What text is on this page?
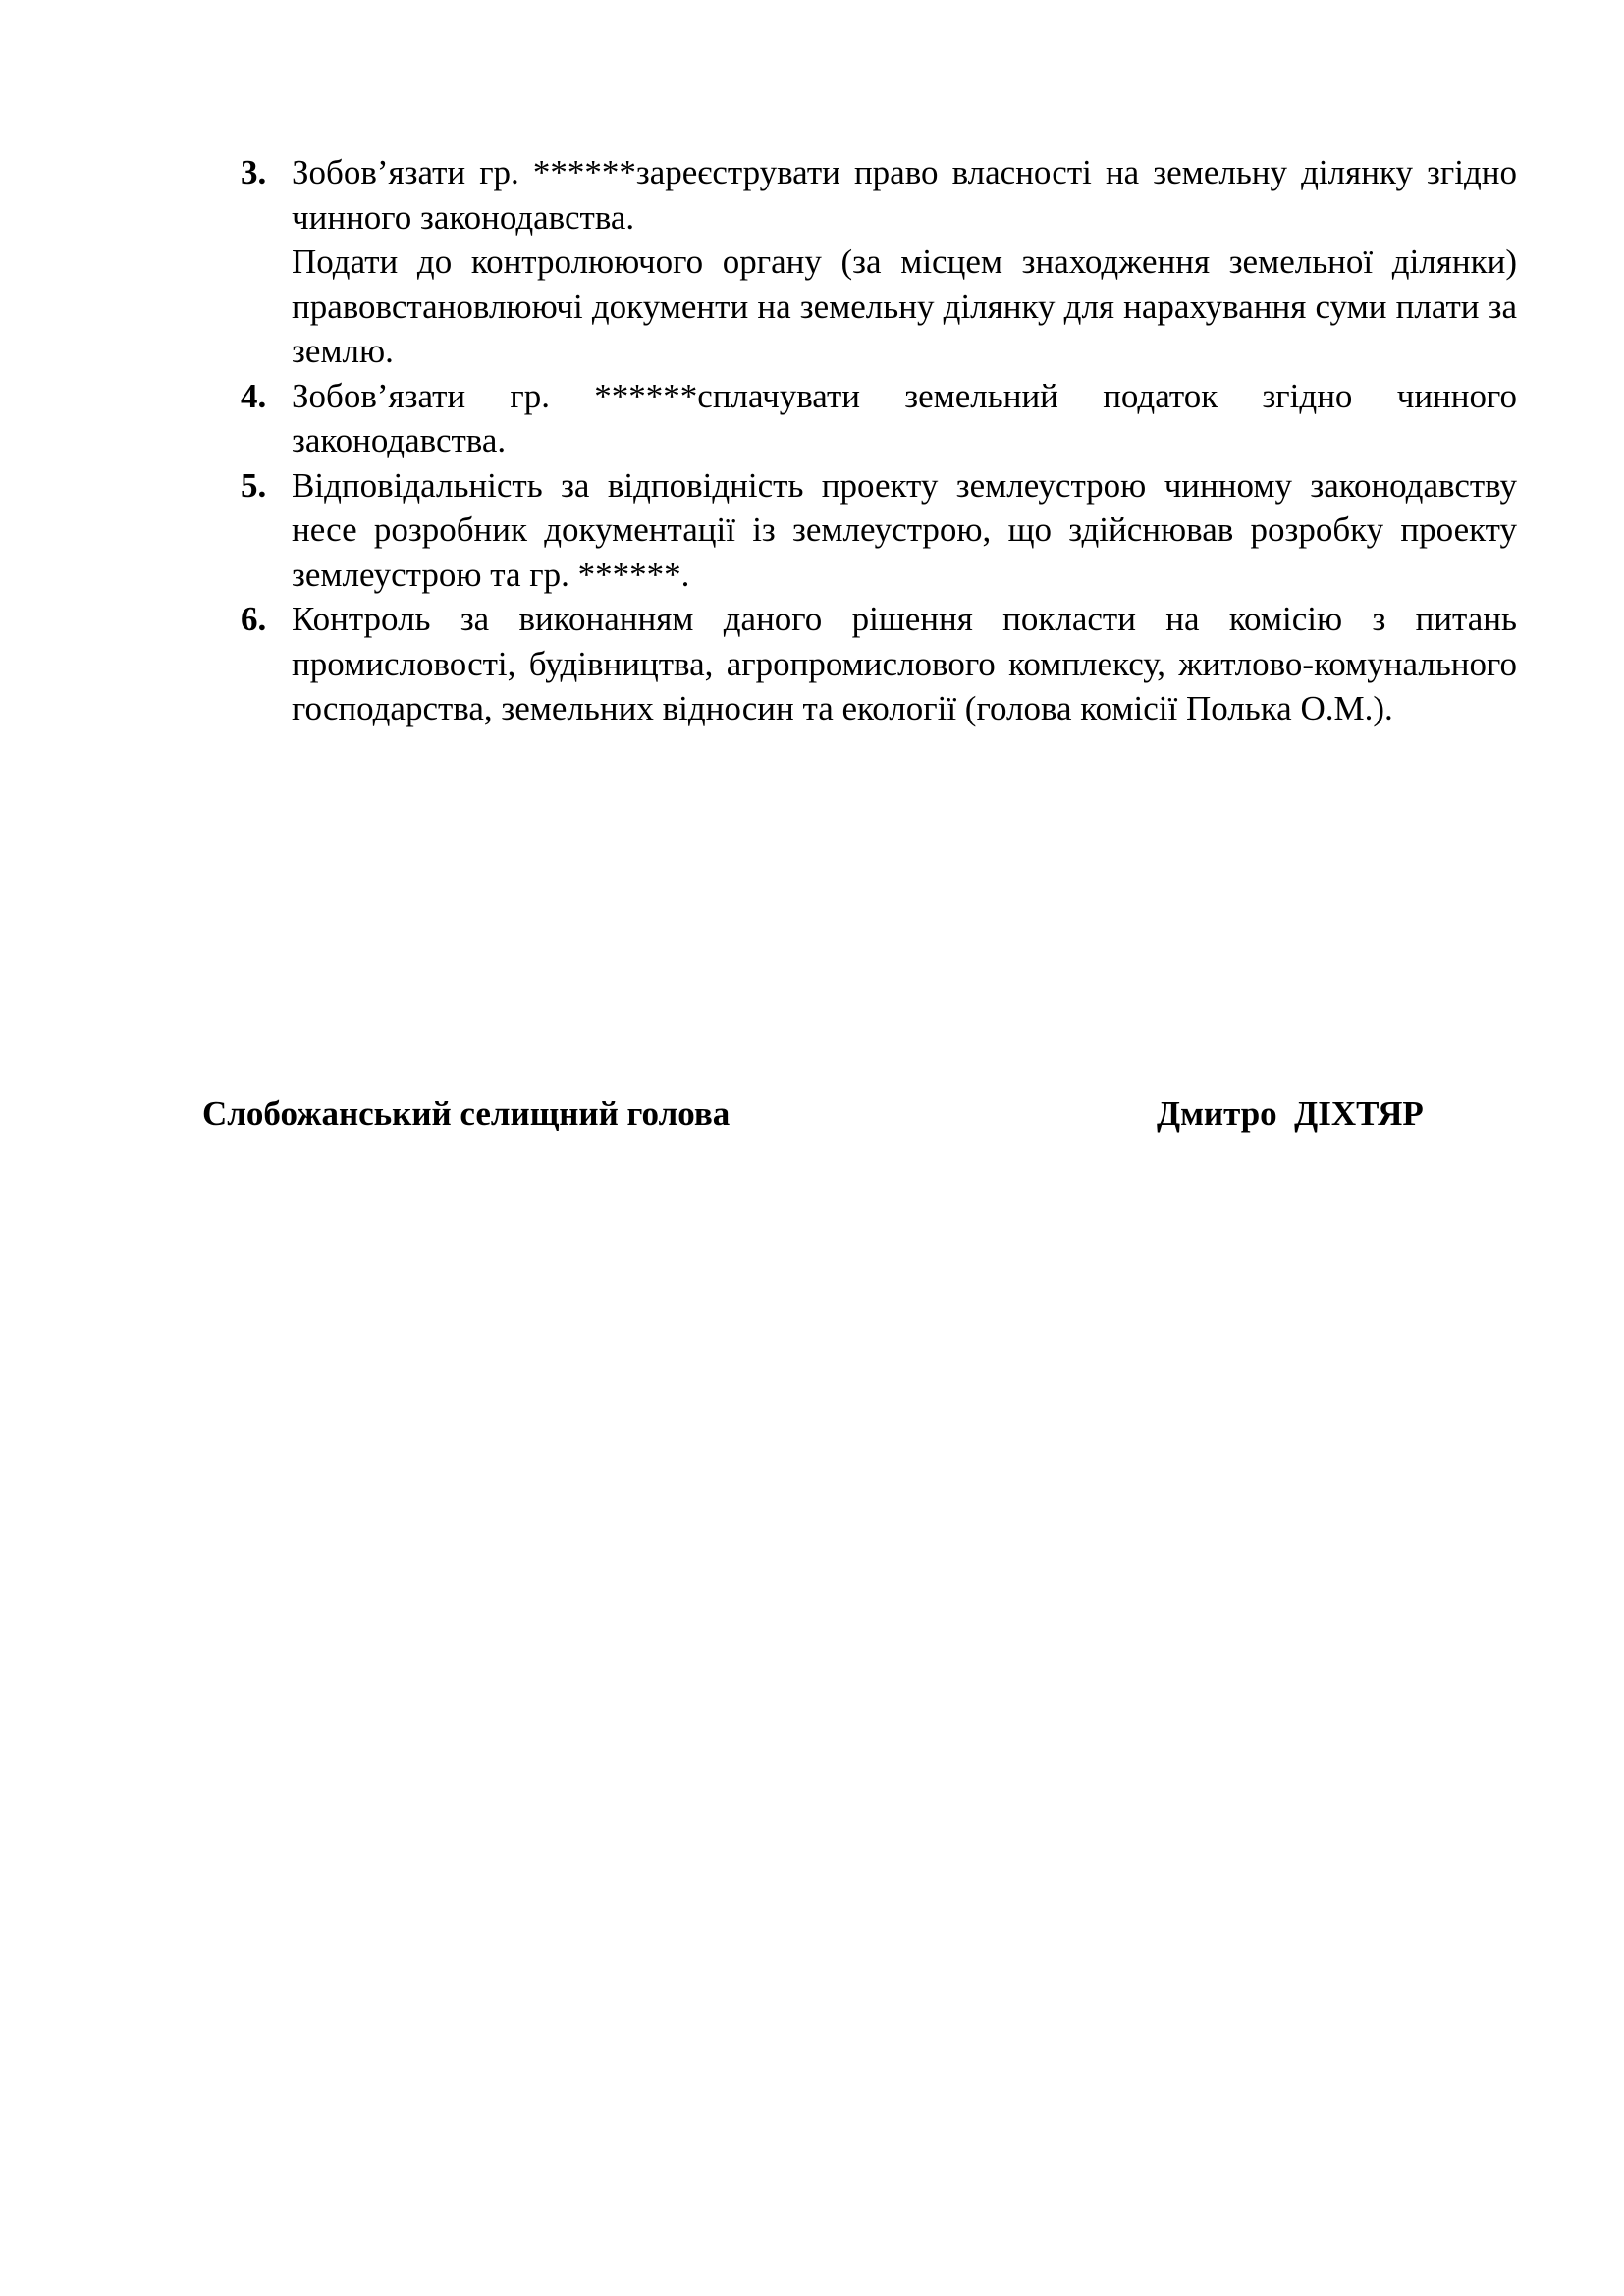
3. Зобов’язати гр. ******зареєструвати право власності на земельну ділянку згідно чинного законодавства.

Подати до контролюючого органу (за місцем знаходження земельної ділянки) правовстановлюючі документи на земельну ділянку для нарахування суми плати за землю.

4. Зобов’язати гр. ******сплачувати земельний податок згідно чинного законодавства.

5. Відповідальність за відповідність проекту землеустрою чинному законодавству несе розробник документації із землеустрою, що здійснював розробку проекту землеустрою та гр. ******.

6. Контроль за виконанням даного рішення покласти на комісію з питань промисловості, будівництва, агропромислового комплексу, житлово-комунального господарства, земельних відносин та екології (голова комісії Полька О.М.).

Слобожанський селищний голова	Дмитро  ДІХТЯР
